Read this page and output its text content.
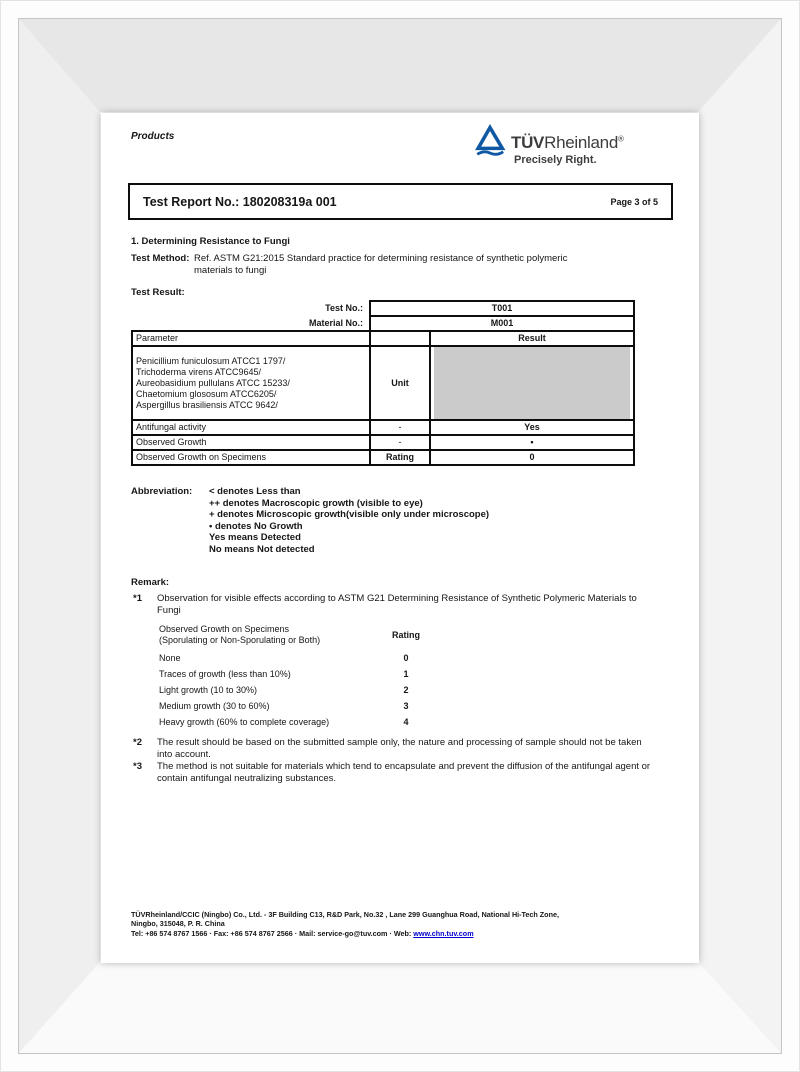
Products	TÜVRheinland®
Precisely Right.
Test Report No.: 180208319a 001	Page 3 of 5
1. Determining Resistance to Fungi
Test Method: Ref. ASTM G21:2015 Standard practice for determining resistance of synthetic polymeric materials to fungi
Test Result:
Test No.:	T001	
Material No.:	M001	
Parameter		Result

Penicillium funiculosum ATCC1 1797/
Trichoderma virens ATCC9645/
Aureobasidium pullulans ATCC 15233/
Chaetomium glososum ATCC6205/
Aspergillus brasiliensis ATCC 9642/	Unit	

Antifungal activity	-	Yes
Observed Growth	-	•
Observed Growth on Specimens	Rating	0
Abbreviation: < denotes Less than
++ denotes Macroscopic growth (visible to eye)
+ denotes Microscopic growth(visible only under microscope)
• denotes No Growth
Yes means Detected
No means Not detected
Remark:
*1 Observation for visible effects according to ASTM G21 Determining Resistance of Synthetic Polymeric Materials to Fungi
Observed Growth on Specimens
(Sporulating or Non-Sporulating or Both)	Rating
None	0
Traces of growth (less than 10%)	1
Light growth (10 to 30%)	2
Medium growth (30 to 60%)	3
Heavy growth (60% to complete coverage)	4
*2 The result should be based on the submitted sample only, the nature and processing of sample should not be taken into account.
*3 The method is not suitable for materials which tend to encapsulate and prevent the diffusion of the antifungal agent or contain antifungal neutralizing substances.
TÜVRheinland/CCIC (Ningbo) Co., Ltd. - 3F Building C13, R&D Park, No.32 , Lane 299 Guanghua Road, National Hi-Tech Zone,
Ningbo, 315048, P. R. China
Tel: +86 574 8767 1566 · Fax: +86 574 8767 2566 · Mail: service-go@tuv.com · Web: www.chn.tuv.com
